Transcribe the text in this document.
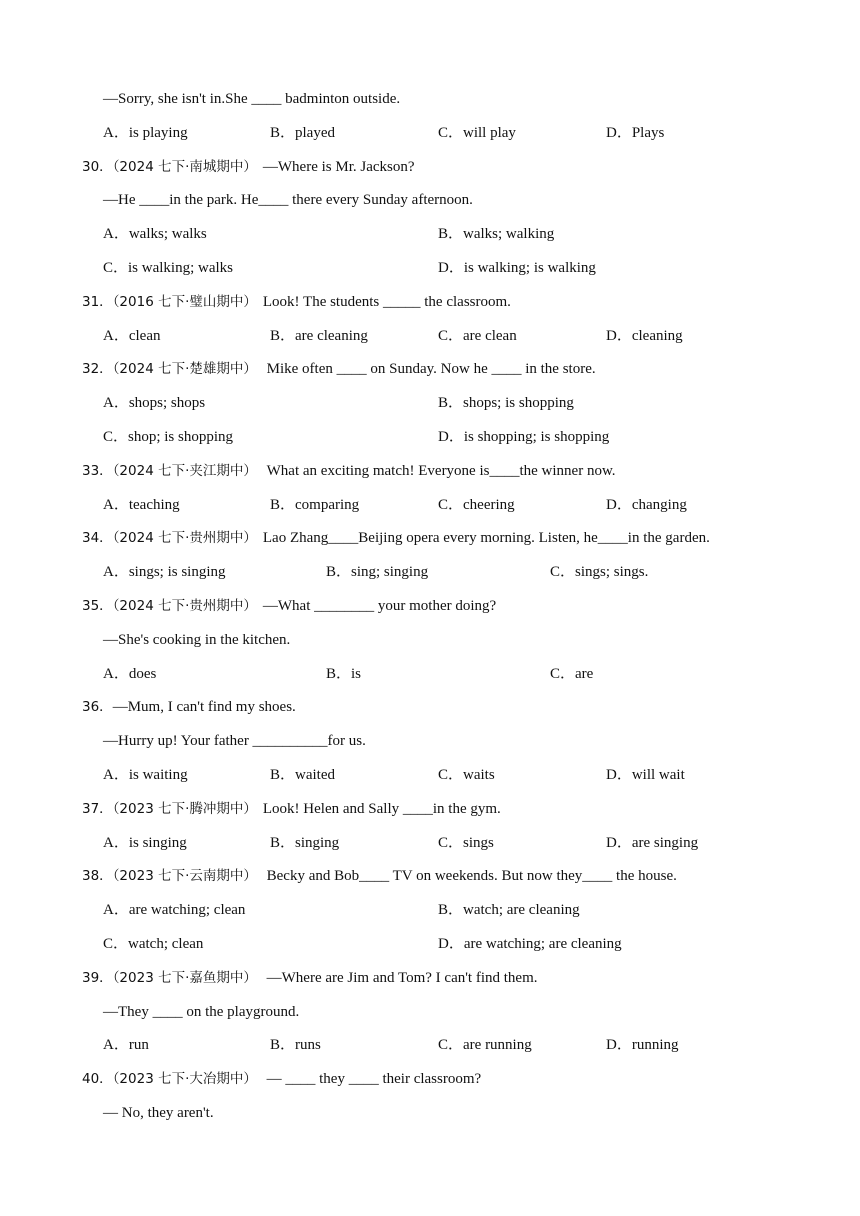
—Sorry, she isn't in.She ____ badminton outside.
A．is playing	B．played	C．will play	D．Plays
30．（2024 七下·南城期中） —Where is Mr. Jackson?
—He ____in the park. He____ there every Sunday afternoon.
A．walks; walks	B．walks; walking
C．is walking; walks	D．is walking; is walking
31．（2016 七下·璧山期中） Look! The students _____ the classroom.
A．clean	B．are cleaning	C．are clean	D．cleaning
32．（2024 七下·楚雄期中） Mike often ____ on Sunday. Now he ____ in the store.
A．shops; shops	B．shops; is shopping
C．shop; is shopping	D．is shopping; is shopping
33．（2024 七下·夹江期中） What an exciting match! Everyone is____the winner now.
A．teaching	B．comparing	C．cheering	D．changing
34．（2024 七下·贵州期中） Lao Zhang____Beijing opera every morning. Listen, he____in the garden.
A．sings; is singing	B．sing; singing	C．sings; sings.
35．（2024 七下·贵州期中） —What ________ your mother doing?
—She's cooking in the kitchen.
A．does	B．is	C．are
36．—Mum, I can't find my shoes.
—Hurry up! Your father __________for us.
A．is waiting	B．waited	C．waits	D．will wait
37．（2023 七下·腾冲期中） Look! Helen and Sally ____in the gym.
A．is singing	B．singing	C．sings	D．are singing
38．（2023 七下·云南期中） Becky and Bob____ TV on weekends. But now they____ the house.
A．are watching; clean	B．watch; are cleaning
C．watch; clean	D．are watching; are cleaning
39．（2023 七下·嘉鱼期中） —Where are Jim and Tom? I can't find them.
—They ____ on the playground.
A．run	B．runs	C．are running	D．running
40．（2023 七下·大冶期中） — ____ they ____ their classroom?
— No, they aren't.
